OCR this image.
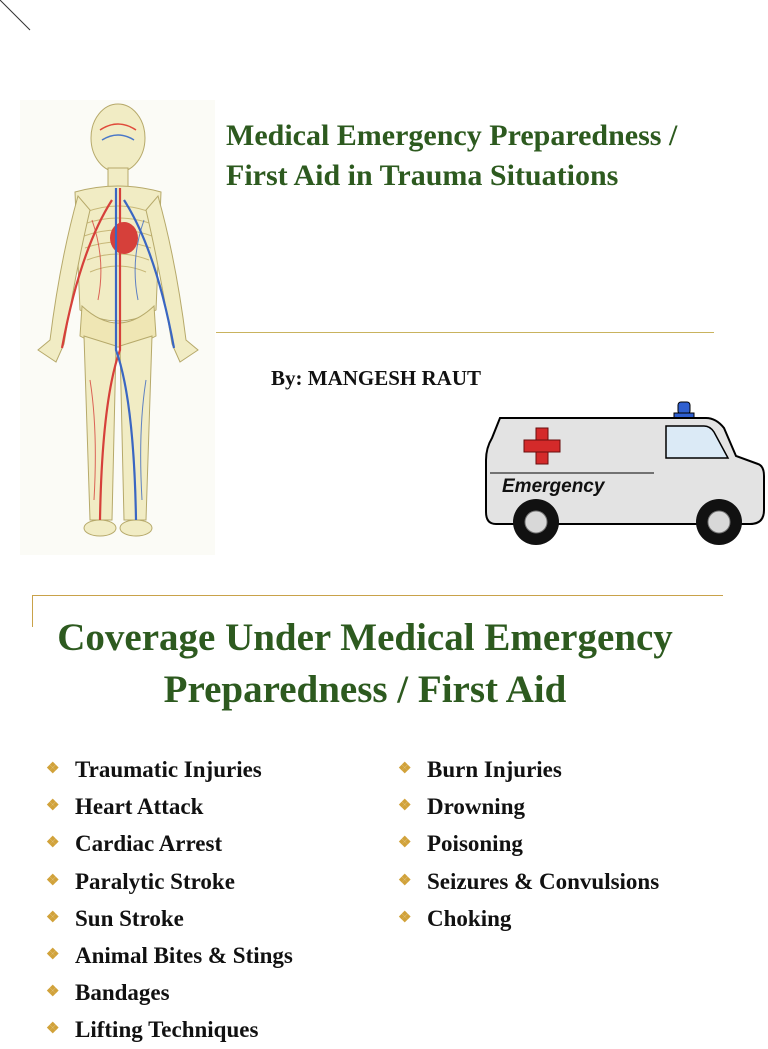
Medical Emergency Preparedness /
First Aid in Trauma Situations
By: MANGESH RAUT
Emergency
Coverage Under Medical Emergency
Preparedness / First Aid
❖ Traumatic Injuries
❖ Heart Attack
❖ Cardiac Arrest
❖ Paralytic Stroke
❖ Sun Stroke
❖ Animal Bites & Stings
❖ Bandages
❖ Lifting Techniques
❖ Burn Injuries
❖ Drowning
❖ Poisoning
❖ Seizures & Convulsions
❖ Choking
